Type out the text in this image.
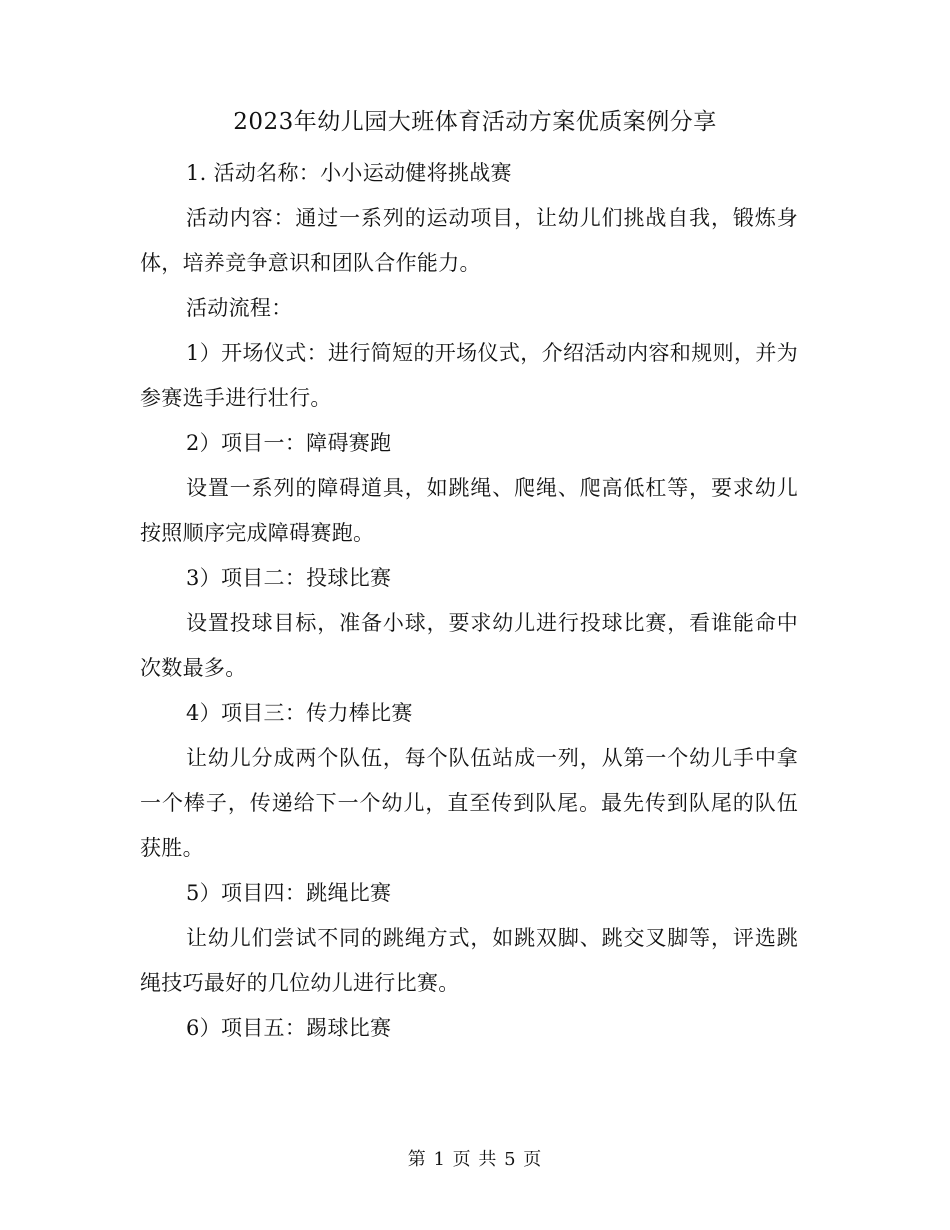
2023年幼儿园大班体育活动方案优质案例分享

1. 活动名称：小小运动健将挑战赛

活动内容：通过一系列的运动项目，让幼儿们挑战自我，锻炼身体，培养竞争意识和团队合作能力。

活动流程：

1）开场仪式：进行简短的开场仪式，介绍活动内容和规则，并为参赛选手进行壮行。

2）项目一：障碍赛跑

设置一系列的障碍道具，如跳绳、爬绳、爬高低杠等，要求幼儿按照顺序完成障碍赛跑。

3）项目二：投球比赛

设置投球目标，准备小球，要求幼儿进行投球比赛，看谁能命中次数最多。

4）项目三：传力棒比赛

让幼儿分成两个队伍，每个队伍站成一列，从第一个幼儿手中拿一个棒子，传递给下一个幼儿，直至传到队尾。最先传到队尾的队伍获胜。

5）项目四：跳绳比赛

让幼儿们尝试不同的跳绳方式，如跳双脚、跳交叉脚等，评选跳绳技巧最好的几位幼儿进行比赛。

6）项目五：踢球比赛

第 1 页 共 5 页
